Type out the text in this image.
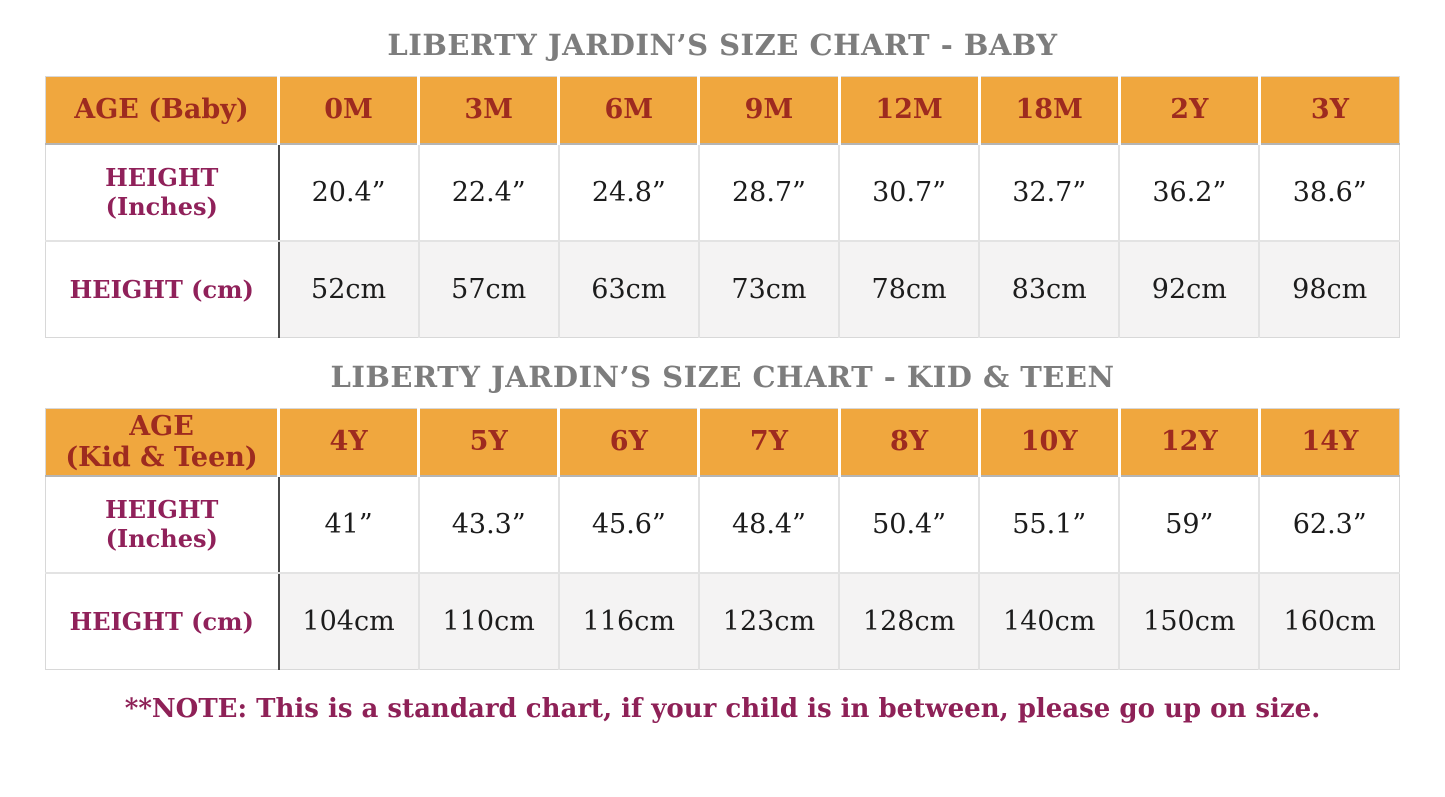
LIBERTY JARDIN’S SIZE CHART - BABY
AGE (Baby)	0M	3M	6M	9M	12M	18M	2Y	3Y
HEIGHT (Inches)	20.4”	22.4”	24.8”	28.7”	30.7”	32.7”	36.2”	38.6”
HEIGHT (cm)	52cm	57cm	63cm	73cm	78cm	83cm	92cm	98cm
LIBERTY JARDIN’S SIZE CHART - KID & TEEN
AGE
(Kid & Teen)	4Y	5Y	6Y	7Y	8Y	10Y	12Y	14Y
HEIGHT (Inches)	41”	43.3”	45.6”	48.4”	50.4”	55.1”	59”	62.3”
HEIGHT (cm)	104cm	110cm	116cm	123cm	128cm	140cm	150cm	160cm

**NOTE: This is a standard chart, if your child is in between, please go up on size.
